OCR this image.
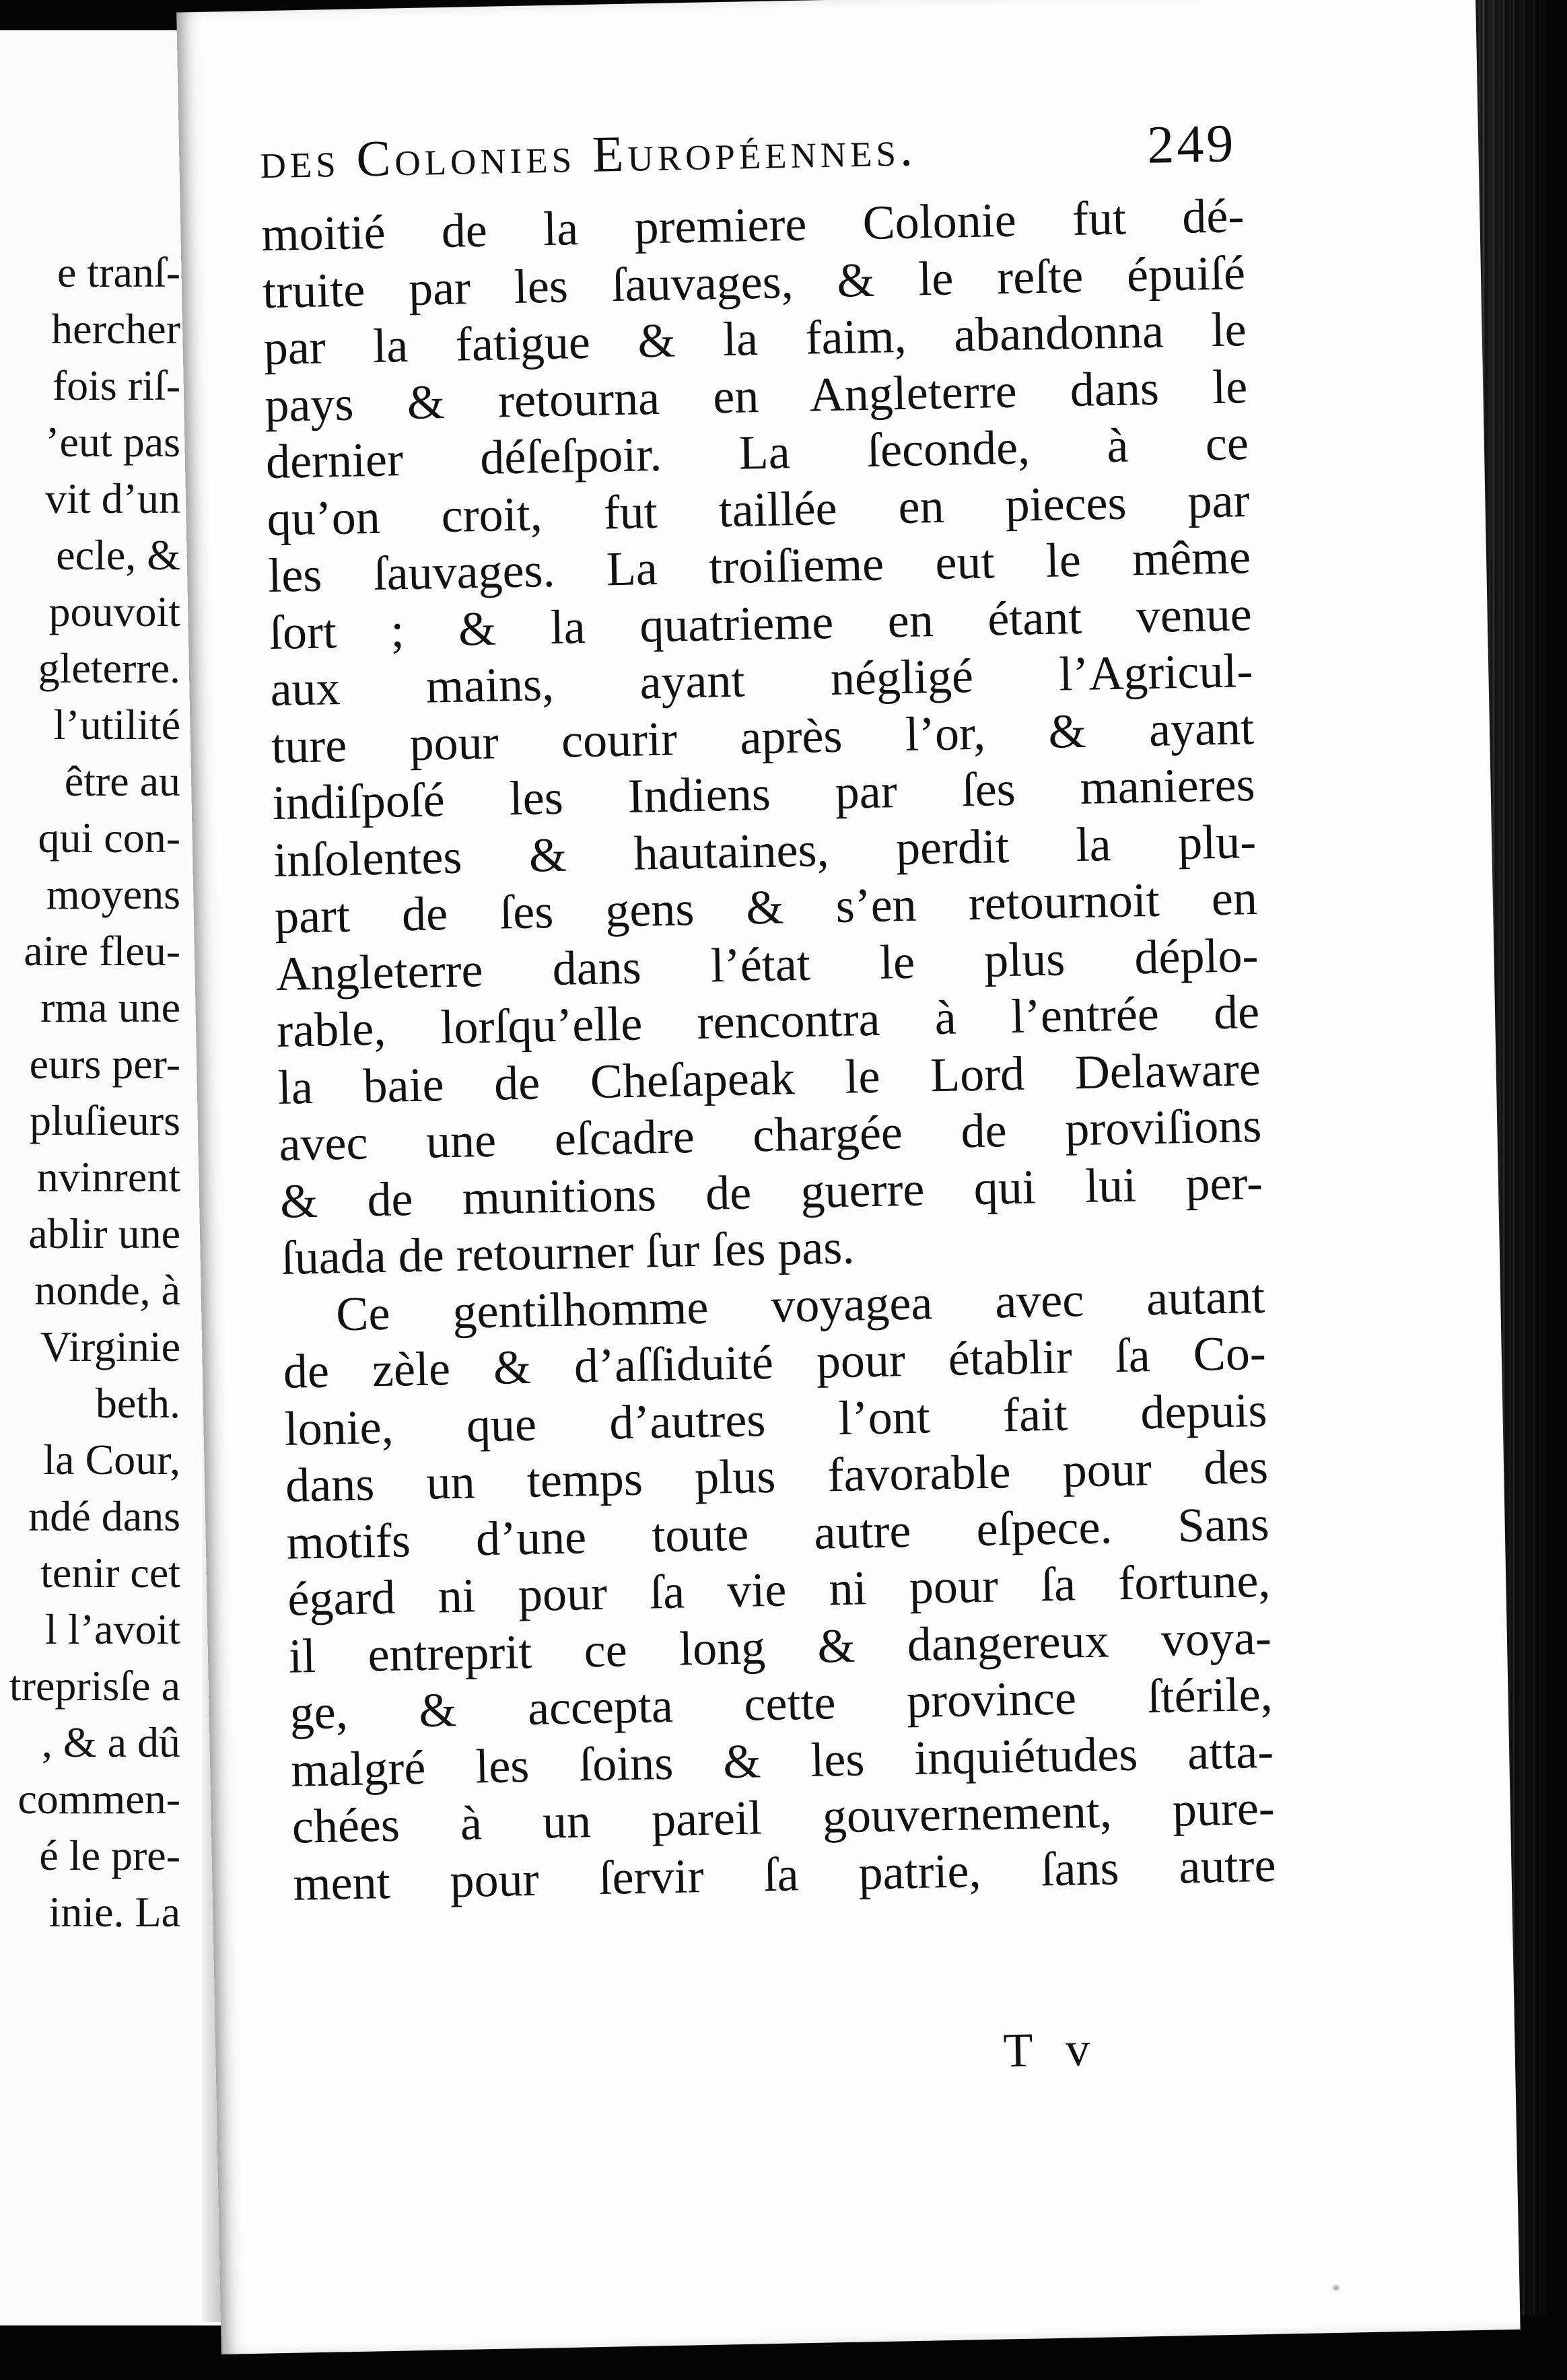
e tranſ-
hercher
fois riſ-
’eut pas
vit d’un
ecle, &
pouvoit
gleterre.
l’utilité
être au
qui con-
moyens
aire fleu-
rma une
eurs per-
pluſieurs
nvinrent
ablir une
nonde, à
Virginie
beth.
la Cour,
ndé dans
tenir cet
l l’avoit
treprisſe a
, & a dû
commen-
é le pre-
inie. La
des Colonies Européennes.	249
moitié de la premiere Colonie fut dé-
truite par les ſauvages, & le reſte épuiſé
par la fatigue & la faim, abandonna le
pays & retourna en Angleterre dans le
dernier déſeſpoir. La ſeconde, à ce
qu’on croit, fut taillée en pieces par
les ſauvages. La troiſieme eut le même
ſort ; & la quatrieme en étant venue
aux mains, ayant négligé l’Agricul-
ture pour courir après l’or, & ayant
indiſpoſé les Indiens par ſes manieres
inſolentes & hautaines, perdit la plu-
part de ſes gens & s’en retournoit en
Angleterre dans l’état le plus déplo-
rable, lorſqu’elle rencontra à l’entrée de
la baie de Cheſapeak le Lord Delaware
avec une eſcadre chargée de proviſions
& de munitions de guerre qui lui per-
ſuada de retourner ſur ſes pas.
Ce gentilhomme voyagea avec autant
de zèle & d’aſſiduité pour établir ſa Co-
lonie, que d’autres l’ont fait depuis
dans un temps plus favorable pour des
motifs d’une toute autre eſpece. Sans
égard ni pour ſa vie ni pour ſa fortune,
il entreprit ce long & dangereux voya-
ge, & accepta cette province ſtérile,
malgré les ſoins & les inquiétudes atta-
chées à un pareil gouvernement, pure-
ment pour ſervir ſa patrie, ſans autre
T v
